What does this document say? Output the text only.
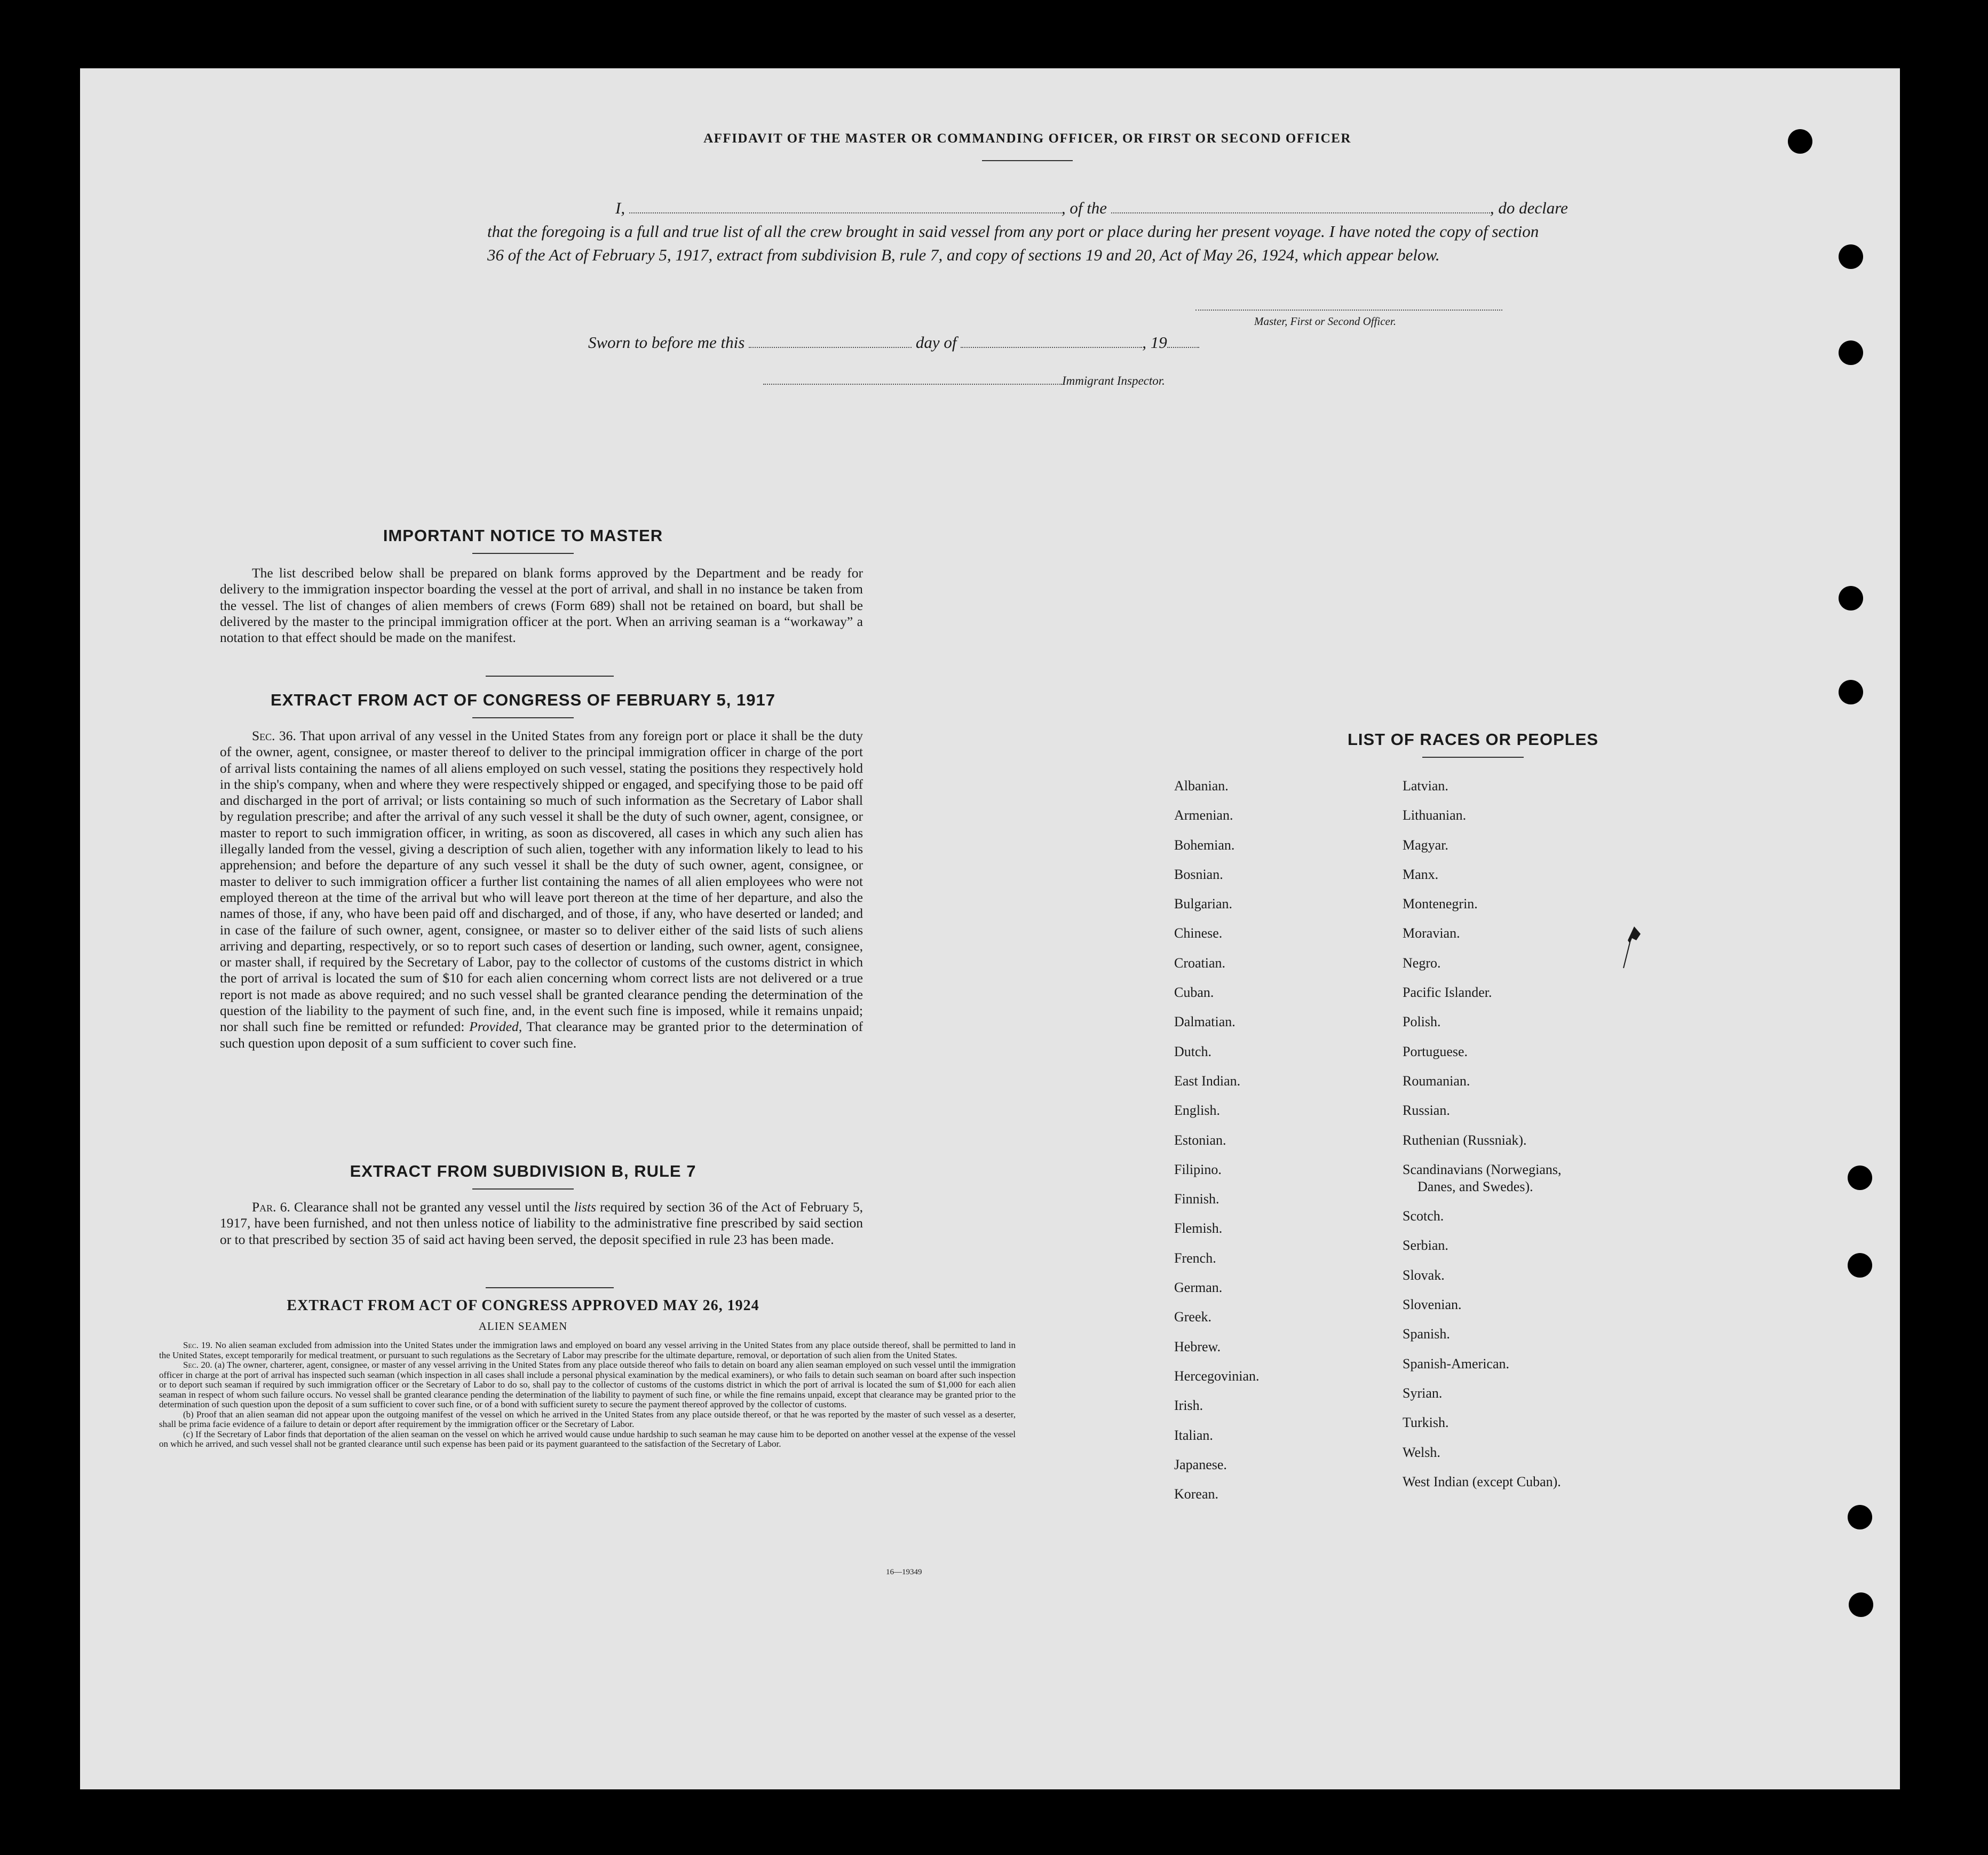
AFFIDAVIT OF THE MASTER OR COMMANDING OFFICER, OR FIRST OR SECOND OFFICER
I,	, of the	, do declare
that the foregoing is a full and true list of all the crew brought in said vessel from any port or place during her present voyage. I have noted the copy of section 36 of the Act of February 5, 1917, extract from subdivision B, rule 7, and copy of sections 19 and 20, Act of May 26, 1924, which appear below.
Master, First or Second Officer.
Sworn to before me this	day of	, 19
Immigrant Inspector.
IMPORTANT NOTICE TO MASTER

The list described below shall be prepared on blank forms approved by the Department and be ready for delivery to the immigration inspector boarding the vessel at the port of arrival, and shall in no instance be taken from the vessel. The list of changes of alien members of crews (Form 689) shall not be retained on board, but shall be delivered by the master to the principal immigration officer at the port. When an arriving seaman is a “workaway” a notation to that effect should be made on the manifest.

EXTRACT FROM ACT OF CONGRESS OF FEBRUARY 5, 1917

Sec. 36. That upon arrival of any vessel in the United States from any foreign port or place it shall be the duty of the owner, agent, consignee, or master thereof to deliver to the principal immigration officer in charge of the port of arrival lists containing the names of all aliens employed on such vessel, stating the positions they respectively hold in the ship's company, when and where they were respectively shipped or engaged, and specifying those to be paid off and discharged in the port of arrival; or lists containing so much of such information as the Secretary of Labor shall by regulation prescribe; and after the arrival of any such vessel it shall be the duty of such owner, agent, consignee, or master to report to such immigration officer, in writing, as soon as discovered, all cases in which any such alien has illegally landed from the vessel, giving a description of such alien, together with any information likely to lead to his apprehension; and before the departure of any such vessel it shall be the duty of such owner, agent, consignee, or master to deliver to such immigration officer a further list containing the names of all alien employees who were not employed thereon at the time of the arrival but who will leave port thereon at the time of her departure, and also the names of those, if any, who have been paid off and discharged, and of those, if any, who have deserted or landed; and in case of the failure of such owner, agent, consignee, or master so to deliver either of the said lists of such aliens arriving and departing, respectively, or so to report such cases of desertion or landing, such owner, agent, consignee, or master shall, if required by the Secretary of Labor, pay to the collector of customs of the customs district in which the port of arrival is located the sum of $10 for each alien concerning whom correct lists are not delivered or a true report is not made as above required; and no such vessel shall be granted clearance pending the determination of the question of the liability to the payment of such fine, and, in the event such fine is imposed, while it remains unpaid; nor shall such fine be remitted or refunded: Provided, That clearance may be granted prior to the determination of such question upon deposit of a sum sufficient to cover such fine.

EXTRACT FROM SUBDIVISION B, RULE 7

Par. 6. Clearance shall not be granted any vessel until the lists required by section 36 of the Act of February 5, 1917, have been furnished, and not then unless notice of liability to the administrative fine prescribed by said section or to that prescribed by section 35 of said act having been served, the deposit specified in rule 23 has been made.

EXTRACT FROM ACT OF CONGRESS APPROVED MAY 26, 1924
ALIEN SEAMEN

Sec. 19. No alien seaman excluded from admission into the United States under the immigration laws and employed on board any vessel arriving in the United States from any place outside thereof, shall be permitted to land in the United States, except temporarily for medical treatment, or pursuant to such regulations as the Secretary of Labor may prescribe for the ultimate departure, removal, or deportation of such alien from the United States.

Sec. 20. (a) The owner, charterer, agent, consignee, or master of any vessel arriving in the United States from any place outside thereof who fails to detain on board any alien seaman employed on such vessel until the immigration officer in charge at the port of arrival has inspected such seaman (which inspection in all cases shall include a personal physical examination by the medical examiners), or who fails to detain such seaman on board after such inspection or to deport such seaman if required by such immigration officer or the Secretary of Labor to do so, shall pay to the collector of customs of the customs district in which the port of arrival is located the sum of $1,000 for each alien seaman in respect of whom such failure occurs. No vessel shall be granted clearance pending the determination of the liability to payment of such fine, or while the fine remains unpaid, except that clearance may be granted prior to the determination of such question upon the deposit of a sum sufficient to cover such fine, or of a bond with sufficient surety to secure the payment thereof approved by the collector of customs.

(b) Proof that an alien seaman did not appear upon the outgoing manifest of the vessel on which he arrived in the United States from any place outside thereof, or that he was reported by the master of such vessel as a deserter, shall be prima facie evidence of a failure to detain or deport after requirement by the immigration officer or the Secretary of Labor.

(c) If the Secretary of Labor finds that deportation of the alien seaman on the vessel on which he arrived would cause undue hardship to such seaman he may cause him to be deported on another vessel at the expense of the vessel on which he arrived, and such vessel shall not be granted clearance until such expense has been paid or its payment guaranteed to the satisfaction of the Secretary of Labor.

16—19349
LIST OF RACES OR PEOPLES
Albanian.
Armenian.
Bohemian.
Bosnian.
Bulgarian.
Chinese.
Croatian.
Cuban.
Dalmatian.
Dutch.
East Indian.
English.
Estonian.
Filipino.
Finnish.
Flemish.
French.
German.
Greek.
Hebrew.
Hercegovinian.
Irish.
Italian.
Japanese.
Korean.
Latvian.
Lithuanian.
Magyar.
Manx.
Montenegrin.
Moravian.
Negro.
Pacific Islander.
Polish.
Portuguese.
Roumanian.
Russian.
Ruthenian (Russniak).
Scandinavians (Norwegians,
Danes, and Swedes).
Scotch.
Serbian.
Slovak.
Slovenian.
Spanish.
Spanish-American.
Syrian.
Turkish.
Welsh.
West Indian (except Cuban).
